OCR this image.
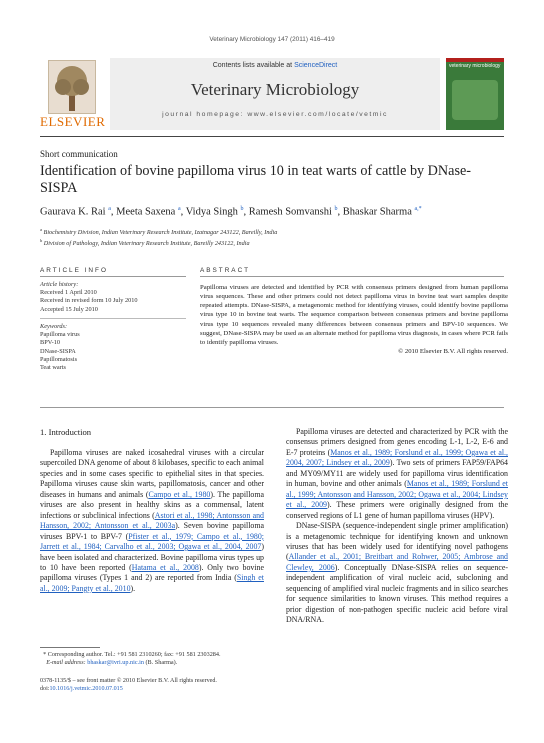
Veterinary Microbiology 147 (2011) 416–419
ELSEVIER
Contents lists available at ScienceDirect
Veterinary Microbiology
journal homepage: www.elsevier.com/locate/vetmic
veterinary microbiology
Short communication
Identification of bovine papilloma virus 10 in teat warts of cattle by DNase-SISPA
Gaurava K. Rai $^a$, Meeta Saxena $^a$, Vidya Singh $^b$, Ramesh Somvanshi $^b$, Bhaskar Sharma $^{a,*}$
$^a$ Biochemistry Division, Indian Veterinary Research Institute, Izatnagar 243122, Bareilly, India
$^b$ Division of Pathology, Indian Veterinary Research Institute, Bareilly 243122, India
ARTICLE INFO
Article history:
Received 1 April 2010
Received in revised form 10 July 2010
Accepted 15 July 2010
Keywords:
Papilloma virus
BPV-10
DNase-SISPA
Papillomatosis
Teat warts
ABSTRACT
Papilloma viruses are detected and identified by PCR with consensus primers designed from human papilloma virus sequences. These and other primers could not detect papilloma virus in bovine teat wart samples despite repeated attempts. DNase-SISPA, a metagenomic method for identifying viruses, could identify bovine papilloma virus type 10 in bovine teat warts. The sequence comparison between consensus primers and bovine papilloma virus type 10 sequences revealed many differences between consensus primers and BPV-10 sequences. We suggest, DNase-SISPA may be used as an alternate method for papilloma virus diagnosis, in cases where PCR fails to identify papilloma viruses.
© 2010 Elsevier B.V. All rights reserved.
1. Introduction

Papilloma viruses are naked icosahedral viruses with a circular supercoiled DNA genome of about 8 kilobases, specific to each animal species and in some cases specific to epithelial sites in that species. Papilloma viruses cause skin warts, papillomatosis, cancer and other diseases in humans and animals (Campo et al., 1980). The papilloma viruses are also present in healthy skins as a commensal, latent infections or subclinical infections (Astori et al., 1998; Antonsson and Hansson, 2002; Antonsson et al., 2003a). Seven bovine papilloma viruses BPV-1 to BPV-7 (Pfister et al., 1979; Campo et al., 1980; Jarrett et al., 1984; Carvalho et al., 2003; Ogawa et al., 2004, 2007) have been isolated and characterized. Bovine papilloma virus types up to 10 have been reported (Hatama et al., 2008). Only two bovine papilloma viruses (Types 1 and 2) are reported from India (Singh et al., 2009; Pangty et al., 2010).

Papilloma viruses are detected and characterized by PCR with the consensus primers designed from genes encoding L-1, L-2, E-6 and E-7 proteins (Manos et al., 1989; Forslund et al., 1999; Ogawa et al., 2004, 2007; Lindsey et al., 2009). Two sets of primers FAP59/FAP64 and MY09/MY11 are widely used for papilloma virus identification in human, bovine and other animals (Manos et al., 1989; Forslund et al., 1999; Antonsson and Hansson, 2002; Ogawa et al., 2004; Lindsey et al., 2009). These primers were originally designed from the conserved regions of L1 gene of human papilloma viruses (HPV).

DNase-SISPA (sequence-independent single primer amplification) is a metagenomic technique for identifying known and unknown viruses that has been widely used for identifying novel pathogens (Allander et al., 2001; Breitbart and Rohwer, 2005; Ambrose and Clewley, 2006). Conceptually DNase-SISPA relies on sequence-independent amplification of viral nucleic acid, subcloning and sequencing of amplified viral nucleic fragments and in silico searches for sequence similarities to known viruses. This method requires a prior digestion of non-pathogen specific nucleic acid before viral DNA/RNA.

* Corresponding author. Tel.: +91 581 2310260; fax: +91 581 2303284.
E-mail address: bhaskar@ivri.up.nic.in (B. Sharma).
0378-1135/$ – see front matter © 2010 Elsevier B.V. All rights reserved.
doi:10.1016/j.vetmic.2010.07.015
